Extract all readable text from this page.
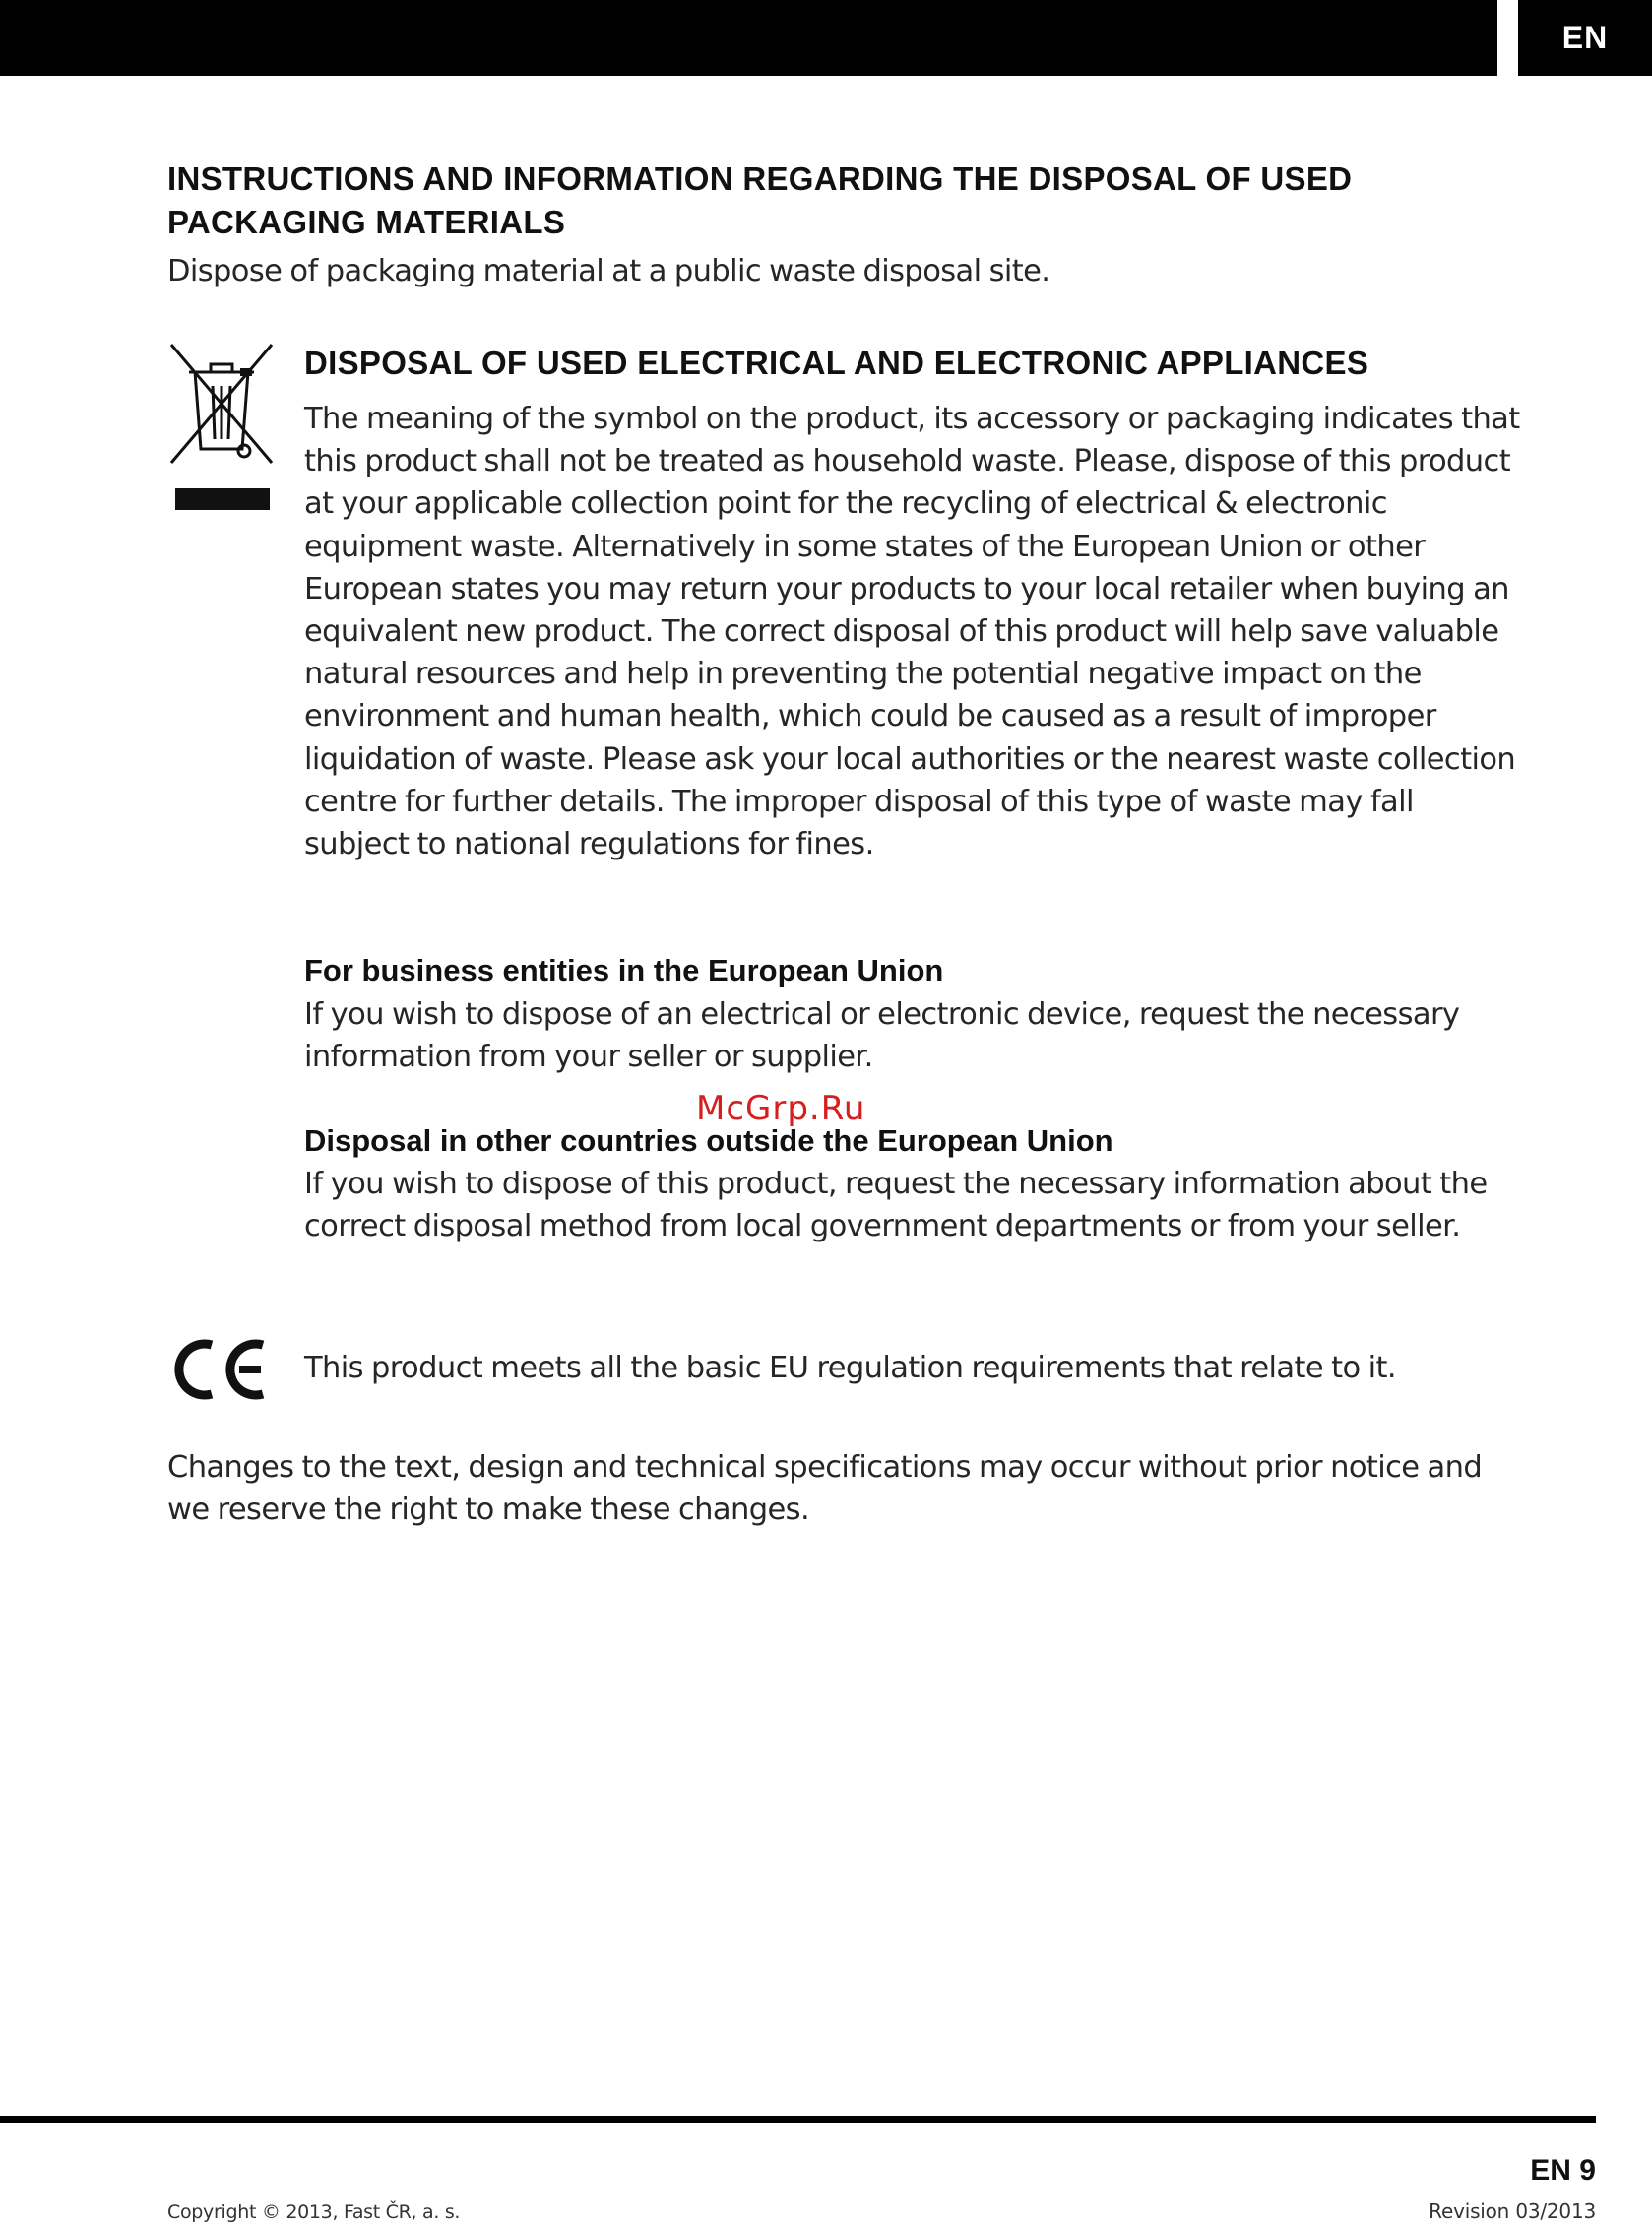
EN
INSTRUCTIONS AND INFORMATION REGARDING THE DISPOSAL OF USED PACKAGING MATERIALS
Dispose of packaging material at a public waste disposal site.
DISPOSAL OF USED ELECTRICAL AND ELECTRONIC APPLIANCES
The meaning of the symbol on the product, its accessory or packaging indicates that this product shall not be treated as household waste. Please, dispose of this product at your applicable collection point for the recycling of electrical & electronic equipment waste. Alternatively in some states of the European Union or other European states you may return your products to your local retailer when buying an equivalent new product. The correct disposal of this product will help save valuable natural resources and help in preventing the potential negative impact on the environment and human health, which could be caused as a result of improper liquidation of waste. Please ask your local authorities or the nearest waste collection centre for further details. The improper disposal of this type of waste may fall subject to national regulations for fines.
For business entities in the European Union
If you wish to dispose of an electrical or electronic device, request the necessary information from your seller or supplier.
McGrp.Ru
Disposal in other countries outside the European Union
If you wish to dispose of this product, request the necessary information about the correct disposal method from local government departments or from your seller.
This product meets all the basic EU regulation requirements that relate to it.
Changes to the text, design and technical specifications may occur without prior notice and we reserve the right to make these changes.
EN 9
Copyright © 2013, Fast ČR, a. s.	Revision 03/2013
